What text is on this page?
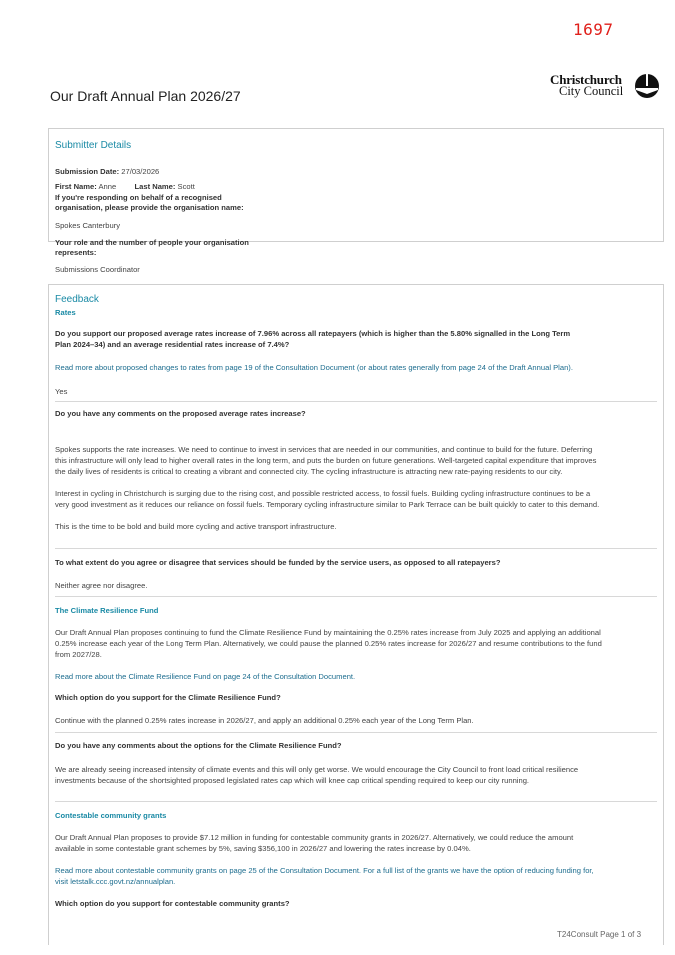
1697
Our Draft Annual Plan 2026/27
Christchurch
City Council
Submitter Details
Submission Date: 27/03/2026
First Name: Anne Last Name: Scott
If you're responding on behalf of a recognised
organisation, please provide the organisation name:
Spokes Canterbury
Your role and the number of people your organisation
represents:
Submissions Coordinator
Feedback
Rates
Do you support our proposed average rates increase of 7.96% across all ratepayers (which is higher than the 5.80% signalled in the Long Term
Plan 2024–34) and an average residential rates increase of 7.4%?
Read more about proposed changes to rates from page 19 of the Consultation Document (or about rates generally from page 24 of the Draft Annual Plan).
Yes
Do you have any comments on the proposed average rates increase?
Spokes supports the rate increases. We need to continue to invest in services that are needed in our communities, and continue to build for the future. Deferring
this infrastructure will only lead to higher overall rates in the long term, and puts the burden on future generations. Well-targeted capital expenditure that improves
the daily lives of residents is critical to creating a vibrant and connected city. The cycling infrastructure is attracting new rate-paying residents to our city.
Interest in cycling in Christchurch is surging due to the rising cost, and possible restricted access, to fossil fuels. Building cycling infrastructure continues to be a
very good investment as it reduces our reliance on fossil fuels. Temporary cycling infrastructure similar to Park Terrace can be built quickly to cater to this demand.
This is the time to be bold and build more cycling and active transport infrastructure.
To what extent do you agree or disagree that services should be funded by the service users, as opposed to all ratepayers?
Neither agree nor disagree.
The Climate Resilience Fund
Our Draft Annual Plan proposes continuing to fund the Climate Resilience Fund by maintaining the 0.25% rates increase from July 2025 and applying an additional
0.25% increase each year of the Long Term Plan. Alternatively, we could pause the planned 0.25% rates increase for 2026/27 and resume contributions to the fund
from 2027/28.
Read more about the Climate Resilience Fund on page 24 of the Consultation Document.
Which option do you support for the Climate Resilience Fund?
Continue with the planned 0.25% rates increase in 2026/27, and apply an additional 0.25% each year of the Long Term Plan.
Do you have any comments about the options for the Climate Resilience Fund?
We are already seeing increased intensity of climate events and this will only get worse. We would encourage the City Council to front load critical resilience
investments because of the shortsighted proposed legislated rates cap which will knee cap critical spending required to keep our city running.
Contestable community grants
Our Draft Annual Plan proposes to provide $7.12 million in funding for contestable community grants in 2026/27. Alternatively, we could reduce the amount
available in some contestable grant schemes by 5%, saving $356,100 in 2026/27 and lowering the rates increase by 0.04%.
Read more about contestable community grants on page 25 of the Consultation Document. For a full list of the grants we have the option of reducing funding for,
visit letstalk.ccc.govt.nz/annualplan.
Which option do you support for contestable community grants?
T24Consult Page 1 of 3
